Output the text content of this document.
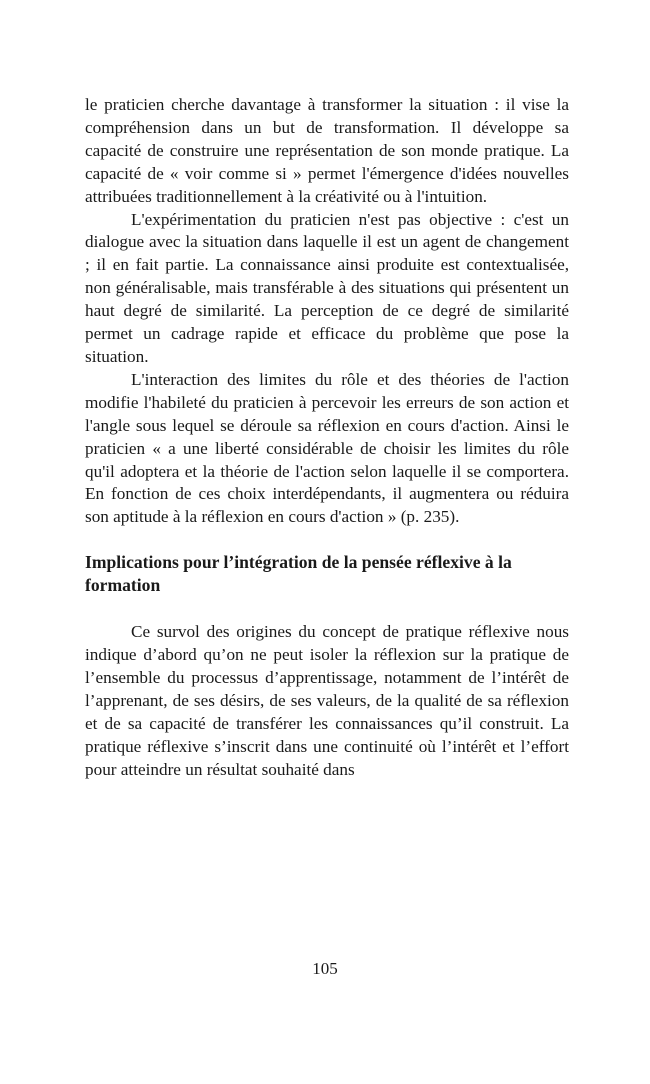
le praticien cherche davantage à transformer la situation : il vise la compréhension dans un but de transformation. Il développe sa capacité de construire une représentation de son monde pratique. La capacité de « voir comme si » permet l'émergence d'idées nouvelles attribuées traditionnellement à la créativité ou à l'intuition.

L'expérimentation du praticien n'est pas objective : c'est un dialogue avec la situation dans laquelle il est un agent de changement ; il en fait partie. La connaissance ainsi produite est contextualisée, non généralisable, mais transférable à des situations qui présentent un haut degré de similarité. La perception de ce degré de similarité permet un cadrage rapide et efficace du problème que pose la situation.

L'interaction des limites du rôle et des théories de l'action modifie l'habileté du praticien à percevoir les erreurs de son action et l'angle sous lequel se déroule sa réflexion en cours d'action. Ainsi le praticien « a une liberté considérable de choisir les limites du rôle qu'il adoptera et la théorie de l'action selon laquelle il se comportera. En fonction de ces choix interdépendants, il augmentera ou réduira son aptitude à la réflexion en cours d'action » (p. 235).

Implications pour l’intégration de la pensée réflexive à la formation

Ce survol des origines du concept de pratique réflexive nous indique d’abord qu’on ne peut isoler la réflexion sur la pratique de l’ensemble du processus d’apprentissage, notamment de l’intérêt de l’apprenant, de ses désirs, de ses valeurs, de la qualité de sa réflexion et de sa capacité de transférer les connaissances qu’il construit. La pratique réflexive s’inscrit dans une continuité où l’intérêt et l’effort pour atteindre un résultat souhaité dans

105
